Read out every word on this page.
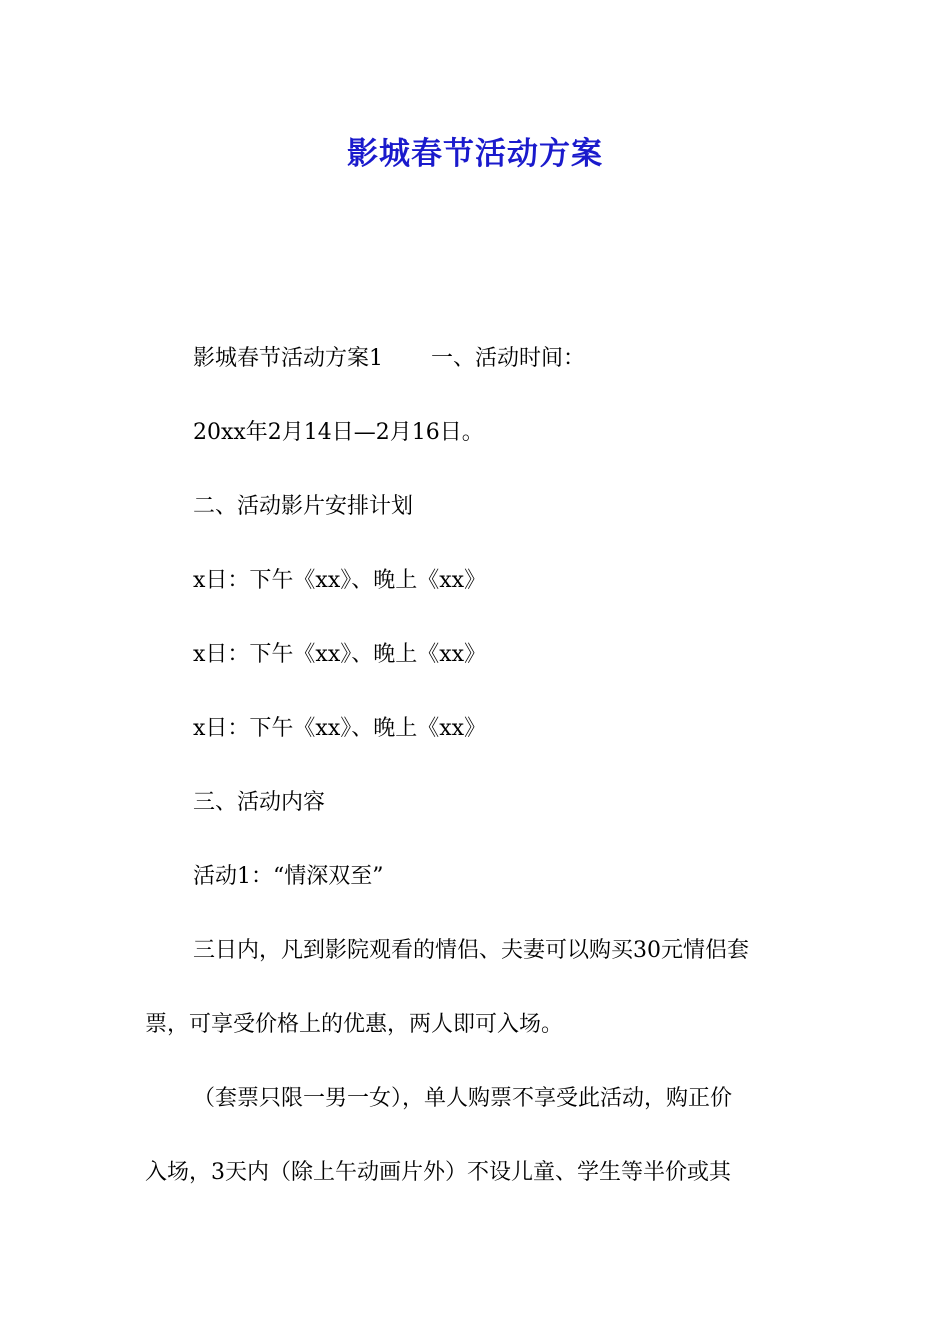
影城春节活动方案
影城春节活动方案1 一、活动时间：
20xx年2月14日—2月16日。
二、活动影片安排计划
x日：下午《xx》、晚上《xx》
x日：下午《xx》、晚上《xx》
x日：下午《xx》、晚上《xx》
三、活动内容
活动1：“情深双至”
三日内，凡到影院观看的情侣、夫妻可以购买30元情侣套
票，可享受价格上的优惠，两人即可入场。
（套票只限一男一女），单人购票不享受此活动，购正价
入场，3天内（除上午动画片外）不设儿童、学生等半价或其
